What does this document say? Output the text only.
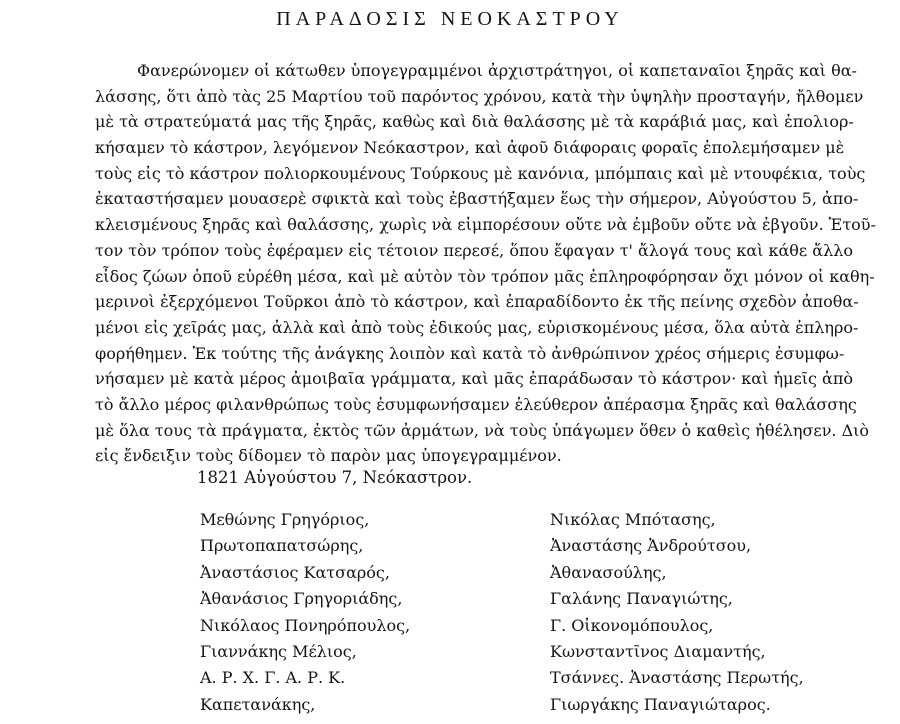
ΠΑΡΑΔΟΣΙΣ ΝΕΟΚΑΣΤΡΟΥ
Φανερώνομεν οἱ κάτωθεν ὑπογεγραμμένοι ἀρχιστράτηγοι, οἱ καπεταναῖοι ξηρᾶς καὶ θα-
λάσσης, ὅτι ἀπὸ τὰς 25 Μαρτίου τοῦ παρόντος χρόνου, κατὰ τὴν ὑψηλὴν προσταγήν, ἤλθομεν
μὲ τὰ στρατεύματά μας τῆς ξηρᾶς, καθὼς καὶ διὰ θαλάσσης μὲ τὰ καράβιά μας, καὶ ἐπολιορ-
κήσαμεν τὸ κάστρον, λεγόμενον Νεόκαστρον, καὶ ἀφοῦ διάφοραις φοραῖς ἐπολεμήσαμεν μὲ
τοὺς εἰς τὸ κάστρον πολιορκουμένους Τούρκους μὲ κανόνια, μπόμπαις καὶ μὲ ντουφέκια, τοὺς
ἐκαταστήσαμεν μουασερὲ σφικτὰ καὶ τοὺς ἐβαστήξαμεν ἕως τὴν σήμερον, Αὐγούστου 5, ἀπο-
κλεισμένους ξηρᾶς καὶ θαλάσσης, χωρὶς νὰ εἰμπορέσουν οὔτε νὰ ἐμβοῦν οὔτε νὰ ἐβγοῦν. Ἐτοῦ-
τον τὸν τρόπον τοὺς ἐφέραμεν εἰς τέτοιον περεσέ, ὅπου ἔφαγαν τ' ἄλογά τους καὶ κάθε ἄλλο
εἶδος ζώων ὁποῦ εὑρέθη μέσα, καὶ μὲ αὐτὸν τὸν τρόπον μᾶς ἐπληροφόρησαν ὄχι μόνον οἱ καθη-
μερινοὶ ἐξερχόμενοι Τοῦρκοι ἀπὸ τὸ κάστρον, καὶ ἐπαραδίδοντο ἐκ τῆς πείνης σχεδὸν ἀποθα-
μένοι εἰς χεῖράς μας, ἀλλὰ καὶ ἀπὸ τοὺς ἐδικούς μας, εὑρισκομένους μέσα, ὅλα αὐτὰ ἐπληρο-
φορήθημεν. Ἐκ τούτης τῆς ἀνάγκης λοιπὸν καὶ κατὰ τὸ ἀνθρώπινον χρέος σήμερις ἐσυμφω-
νήσαμεν μὲ κατὰ μέρος ἀμοιβαῖα γράμματα, καὶ μᾶς ἐπαράδωσαν τὸ κάστρον· καὶ ἡμεῖς ἀπὸ
τὸ ἄλλο μέρος φιλανθρώπως τοὺς ἐσυμφωνήσαμεν ἐλεύθερον ἀπέρασμα ξηρᾶς καὶ θαλάσσης
μὲ ὅλα τους τὰ πράγματα, ἐκτὸς τῶν ἀρμάτων, νὰ τοὺς ὑπάγωμεν ὅθεν ὁ καθεὶς ἠθέλησεν. Διὸ
εἰς ἔνδειξιν τοὺς δίδομεν τὸ παρὸν μας ὑπογεγραμμένον.
1821 Αὐγούστου 7, Νεόκαστρον.
Μεθώνης Γρηγόριος,
Πρωτοπαπατσώρης,
Ἀναστάσιος Κατσαρός,
Ἀθανάσιος Γρηγοριάδης,
Νικόλαος Πονηρόπουλος,
Γιαννάκης Μέλιος,
Α. Ρ. Χ. Γ. Α. Ρ. Κ.
Καπετανάκης,
Νικόλας Μπότασης,
Ἀναστάσης Ἀνδρούτσου,
Ἀθανασούλης,
Γαλάνης Παναγιώτης,
Γ. Οἰκονομόπουλος,
Κωνσταντῖνος Διαμαντής,
Τσάννες. Ἀναστάσης Περωτής,
Γιωργάκης Παναγιώταρος.
